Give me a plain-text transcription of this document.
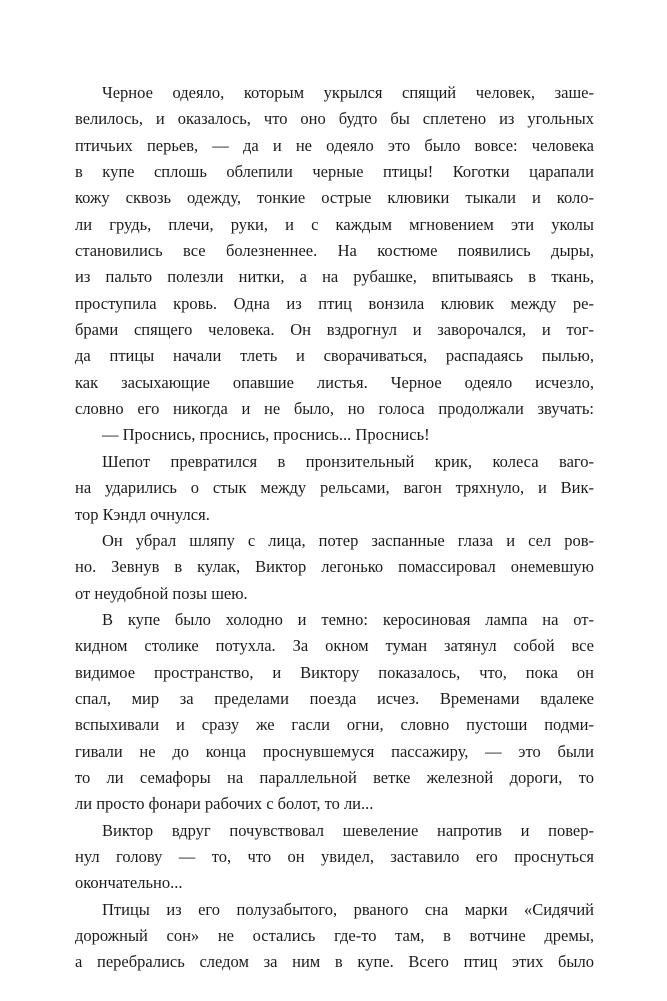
Черное одеяло, которым укрылся спящий человек, заше-
велилось, и оказалось, что оно будто бы сплетено из угольных
птичьих перьев, — да и не одеяло это было вовсе: человека
в купе сплошь облепили черные птицы! Коготки царапали
кожу сквозь одежду, тонкие острые клювики тыкали и коло-
ли грудь, плечи, руки, и с каждым мгновением эти уколы
становились все болезненнее. На костюме появились дыры,
из пальто полезли нитки, а на рубашке, впитываясь в ткань,
проступила кровь. Одна из птиц вонзила клювик между ре-
брами спящего человека. Он вздрогнул и заворочался, и тог-
да птицы начали тлеть и сворачиваться, распадаясь пылью,
как засыхающие опавшие листья. Черное одеяло исчезло,
словно его никогда и не было, но голоса продолжали звучать:
— Проснись, проснись, проснись... Проснись!
Шепот превратился в пронзительный крик, колеса ваго-
на ударились о стык между рельсами, вагон тряхнуло, и Вик-
тор Кэндл очнулся.
Он убрал шляпу с лица, потер заспанные глаза и сел ров-
но. Зевнув в кулак, Виктор легонько помассировал онемевшую
от неудобной позы шею.
В купе было холодно и темно: керосиновая лампа на от-
кидном столике потухла. За окном туман затянул собой все
видимое пространство, и Виктору показалось, что, пока он
спал, мир за пределами поезда исчез. Временами вдалеке
вспыхивали и сразу же гасли огни, словно пустоши подми-
гивали не до конца проснувшемуся пассажиру, — это были
то ли семафоры на параллельной ветке железной дороги, то
ли просто фонари рабочих с болот, то ли...
Виктор вдруг почувствовал шевеление напротив и повер-
нул голову — то, что он увидел, заставило его проснуться
окончательно...
Птицы из его полузабытого, рваного сна марки «Сидячий
дорожный сон» не остались где-то там, в вотчине дремы,
а перебрались следом за ним в купе. Всего птиц этих было
